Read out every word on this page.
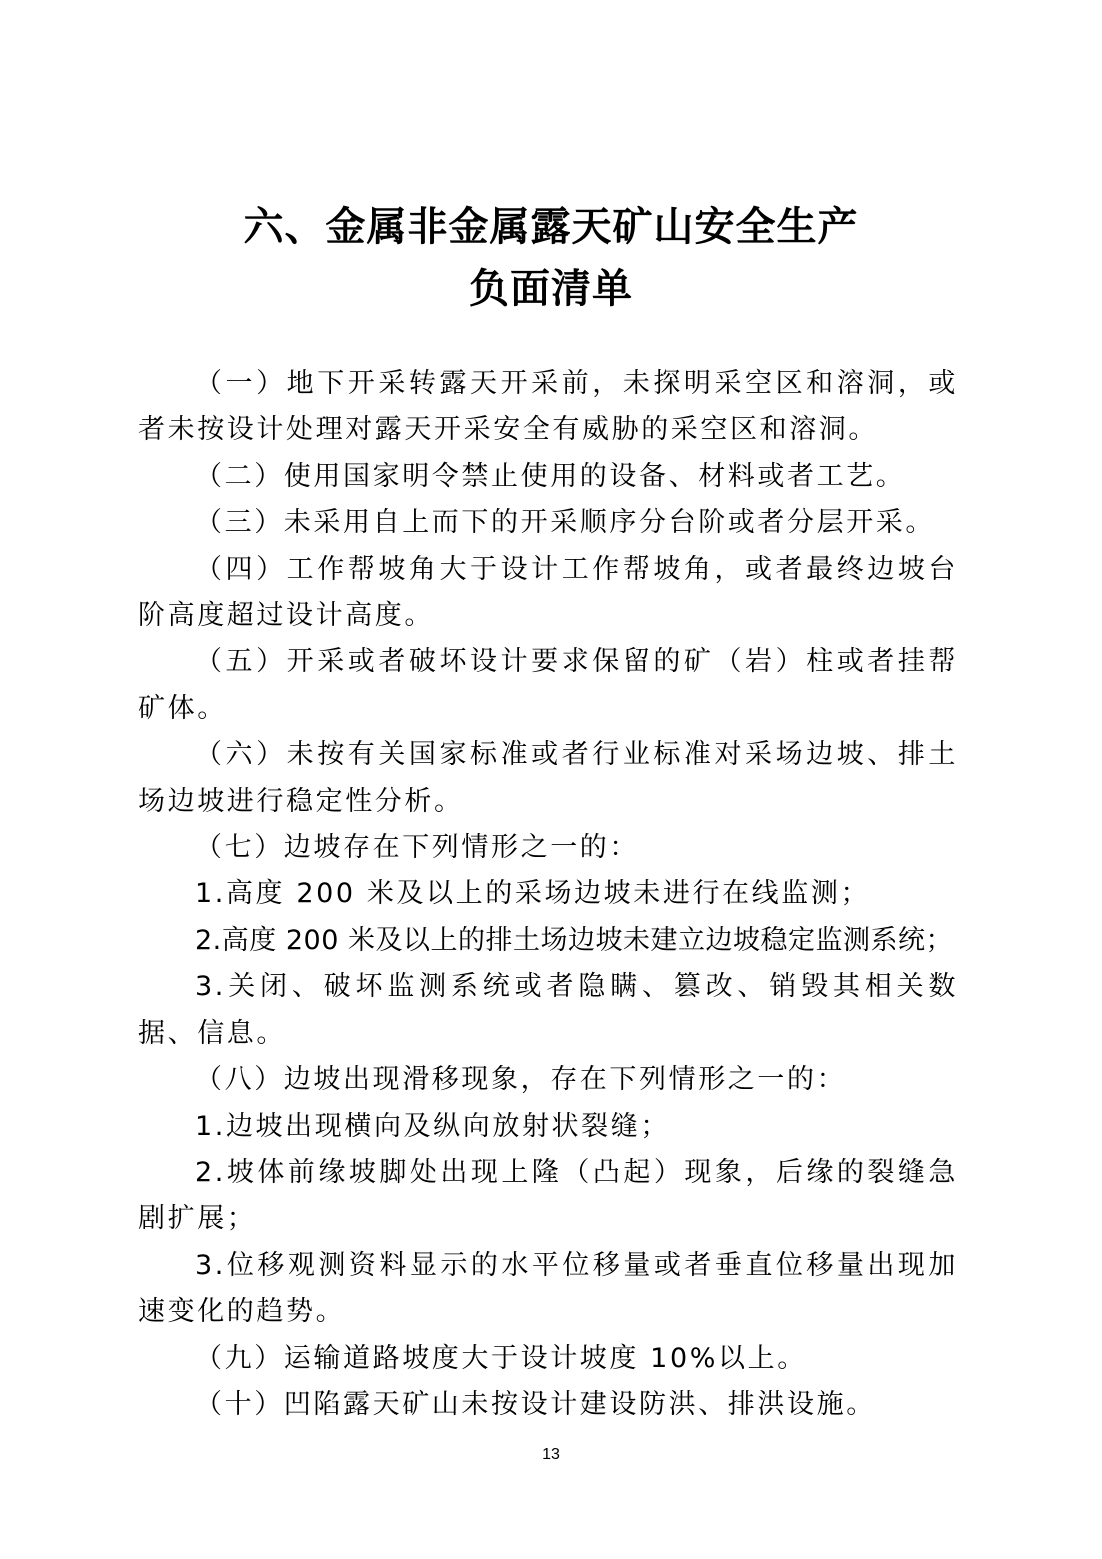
六、金属非金属露天矿山安全生产
负面清单

（一）地下开采转露天开采前，未探明采空区和溶洞，或者未按设计处理对露天开采安全有威胁的采空区和溶洞。

（二）使用国家明令禁止使用的设备、材料或者工艺。

（三）未采用自上而下的开采顺序分台阶或者分层开采。

（四）工作帮坡角大于设计工作帮坡角，或者最终边坡台阶高度超过设计高度。

（五）开采或者破坏设计要求保留的矿（岩）柱或者挂帮矿体。

（六）未按有关国家标准或者行业标准对采场边坡、排土场边坡进行稳定性分析。

（七）边坡存在下列情形之一的：

1.高度 200 米及以上的采场边坡未进行在线监测；

2.高度 200 米及以上的排土场边坡未建立边坡稳定监测系统；

3.关闭、破坏监测系统或者隐瞒、篡改、销毁其相关数据、信息。

（八）边坡出现滑移现象，存在下列情形之一的：

1.边坡出现横向及纵向放射状裂缝；

2.坡体前缘坡脚处出现上隆（凸起）现象，后缘的裂缝急剧扩展；

3.位移观测资料显示的水平位移量或者垂直位移量出现加速变化的趋势。

（九）运输道路坡度大于设计坡度 10%以上。

（十）凹陷露天矿山未按设计建设防洪、排洪设施。

13
